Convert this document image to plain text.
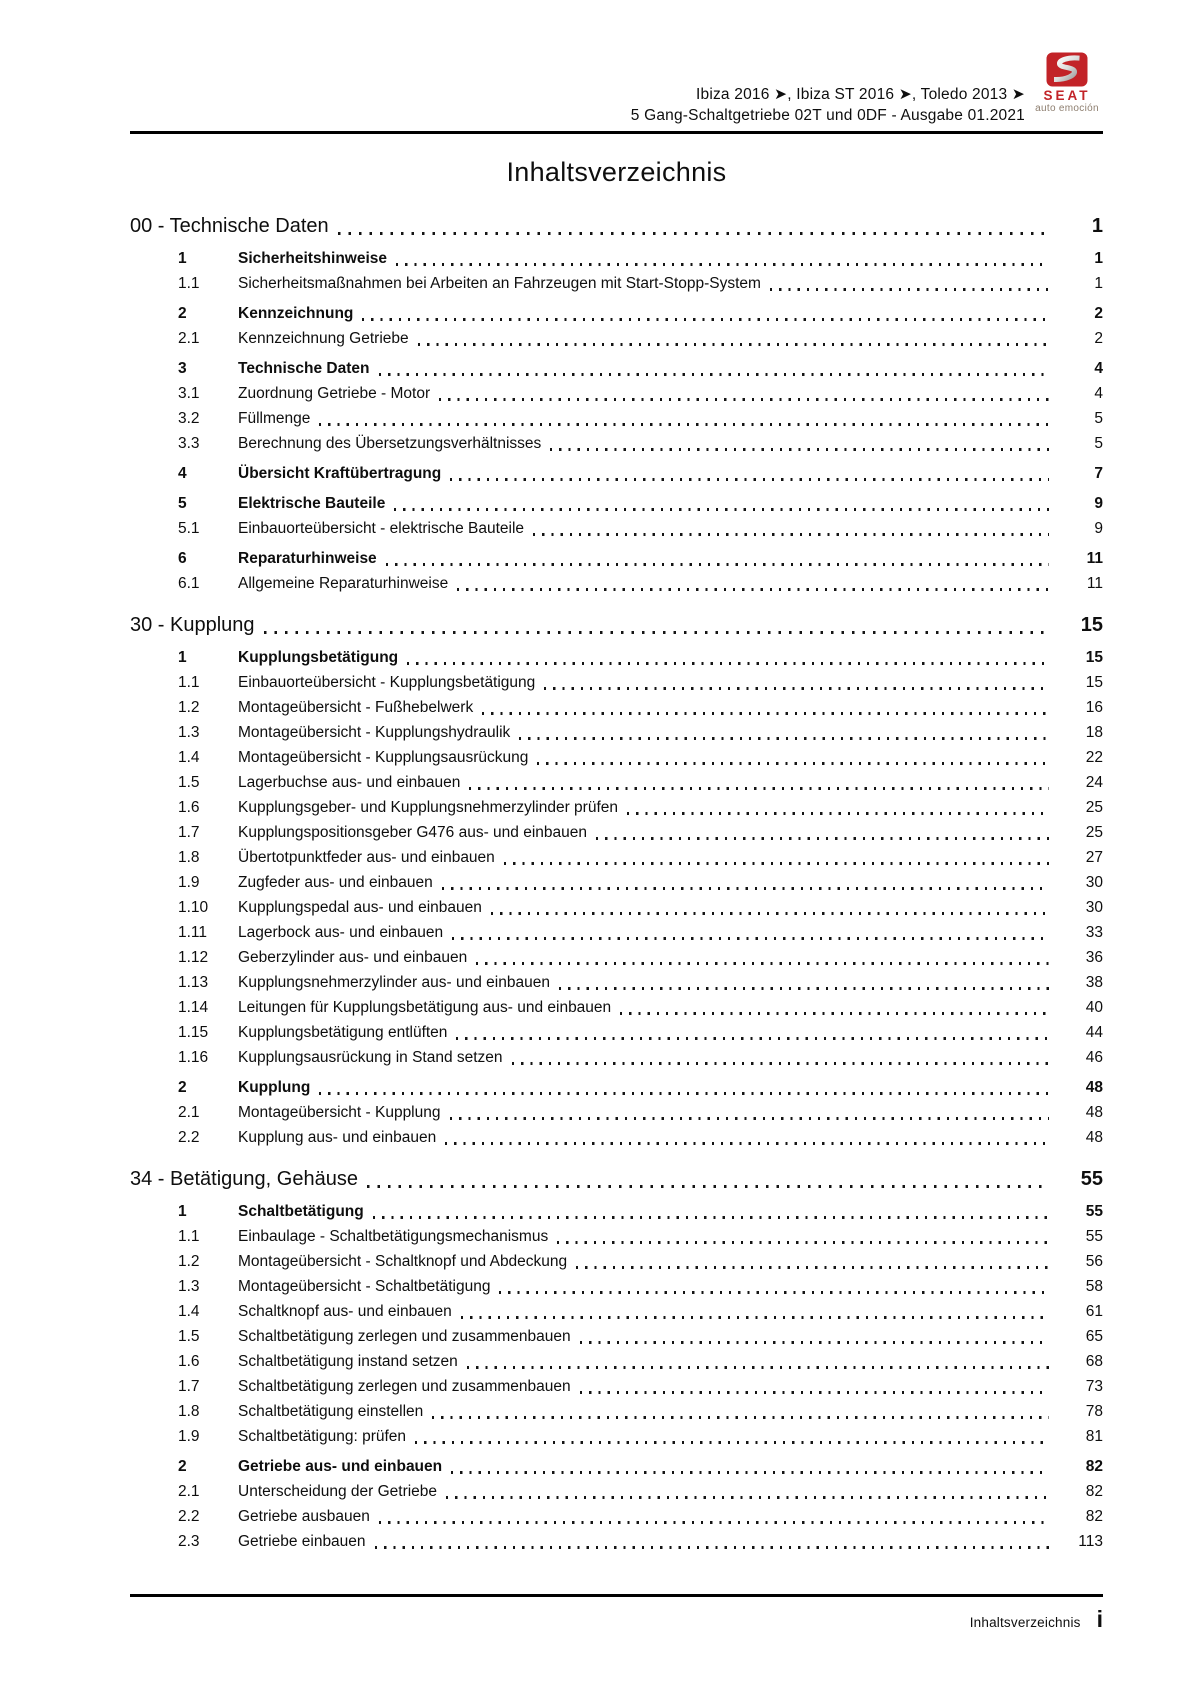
Ibiza 2016 ➤, Ibiza ST 2016 ➤, Toledo 2013 ➤
5 Gang-Schaltgetriebe 02T und 0DF - Ausgabe 01.2021
SEAT
auto emoción
Inhaltsverzeichnis
00 - Technische Daten	1
1	Sicherheitshinweise	1
1.1	Sicherheitsmaßnahmen bei Arbeiten an Fahrzeugen mit Start-Stopp-System	1
2	Kennzeichnung	2
2.1	Kennzeichnung Getriebe	2
3	Technische Daten	4
3.1	Zuordnung Getriebe - Motor	4
3.2	Füllmenge	5
3.3	Berechnung des Übersetzungsverhältnisses	5
4	Übersicht Kraftübertragung	7
5	Elektrische Bauteile	9
5.1	Einbauorteübersicht - elektrische Bauteile	9
6	Reparaturhinweise	11
6.1	Allgemeine Reparaturhinweise	11
30 - Kupplung	15
1	Kupplungsbetätigung	15
1.1	Einbauorteübersicht - Kupplungsbetätigung	15
1.2	Montageübersicht - Fußhebelwerk	16
1.3	Montageübersicht - Kupplungshydraulik	18
1.4	Montageübersicht - Kupplungsausrückung	22
1.5	Lagerbuchse aus- und einbauen	24
1.6	Kupplungsgeber- und Kupplungsnehmerzylinder prüfen	25
1.7	Kupplungspositionsgeber G476 aus- und einbauen	25
1.8	Übertotpunktfeder aus- und einbauen	27
1.9	Zugfeder aus- und einbauen	30
1.10	Kupplungspedal aus- und einbauen	30
1.11	Lagerbock aus- und einbauen	33
1.12	Geberzylinder aus- und einbauen	36
1.13	Kupplungsnehmerzylinder aus- und einbauen	38
1.14	Leitungen für Kupplungsbetätigung aus- und einbauen	40
1.15	Kupplungsbetätigung entlüften	44
1.16	Kupplungsausrückung in Stand setzen	46
2	Kupplung	48
2.1	Montageübersicht - Kupplung	48
2.2	Kupplung aus- und einbauen	48
34 - Betätigung, Gehäuse	55
1	Schaltbetätigung	55
1.1	Einbaulage - Schaltbetätigungsmechanismus	55
1.2	Montageübersicht - Schaltknopf und Abdeckung	56
1.3	Montageübersicht - Schaltbetätigung	58
1.4	Schaltknopf aus- und einbauen	61
1.5	Schaltbetätigung zerlegen und zusammenbauen	65
1.6	Schaltbetätigung instand setzen	68
1.7	Schaltbetätigung zerlegen und zusammenbauen	73
1.8	Schaltbetätigung einstellen	78
1.9	Schaltbetätigung: prüfen	81
2	Getriebe aus- und einbauen	82
2.1	Unterscheidung der Getriebe	82
2.2	Getriebe ausbauen	82
2.3	Getriebe einbauen	113
Inhaltsverzeichnis i
